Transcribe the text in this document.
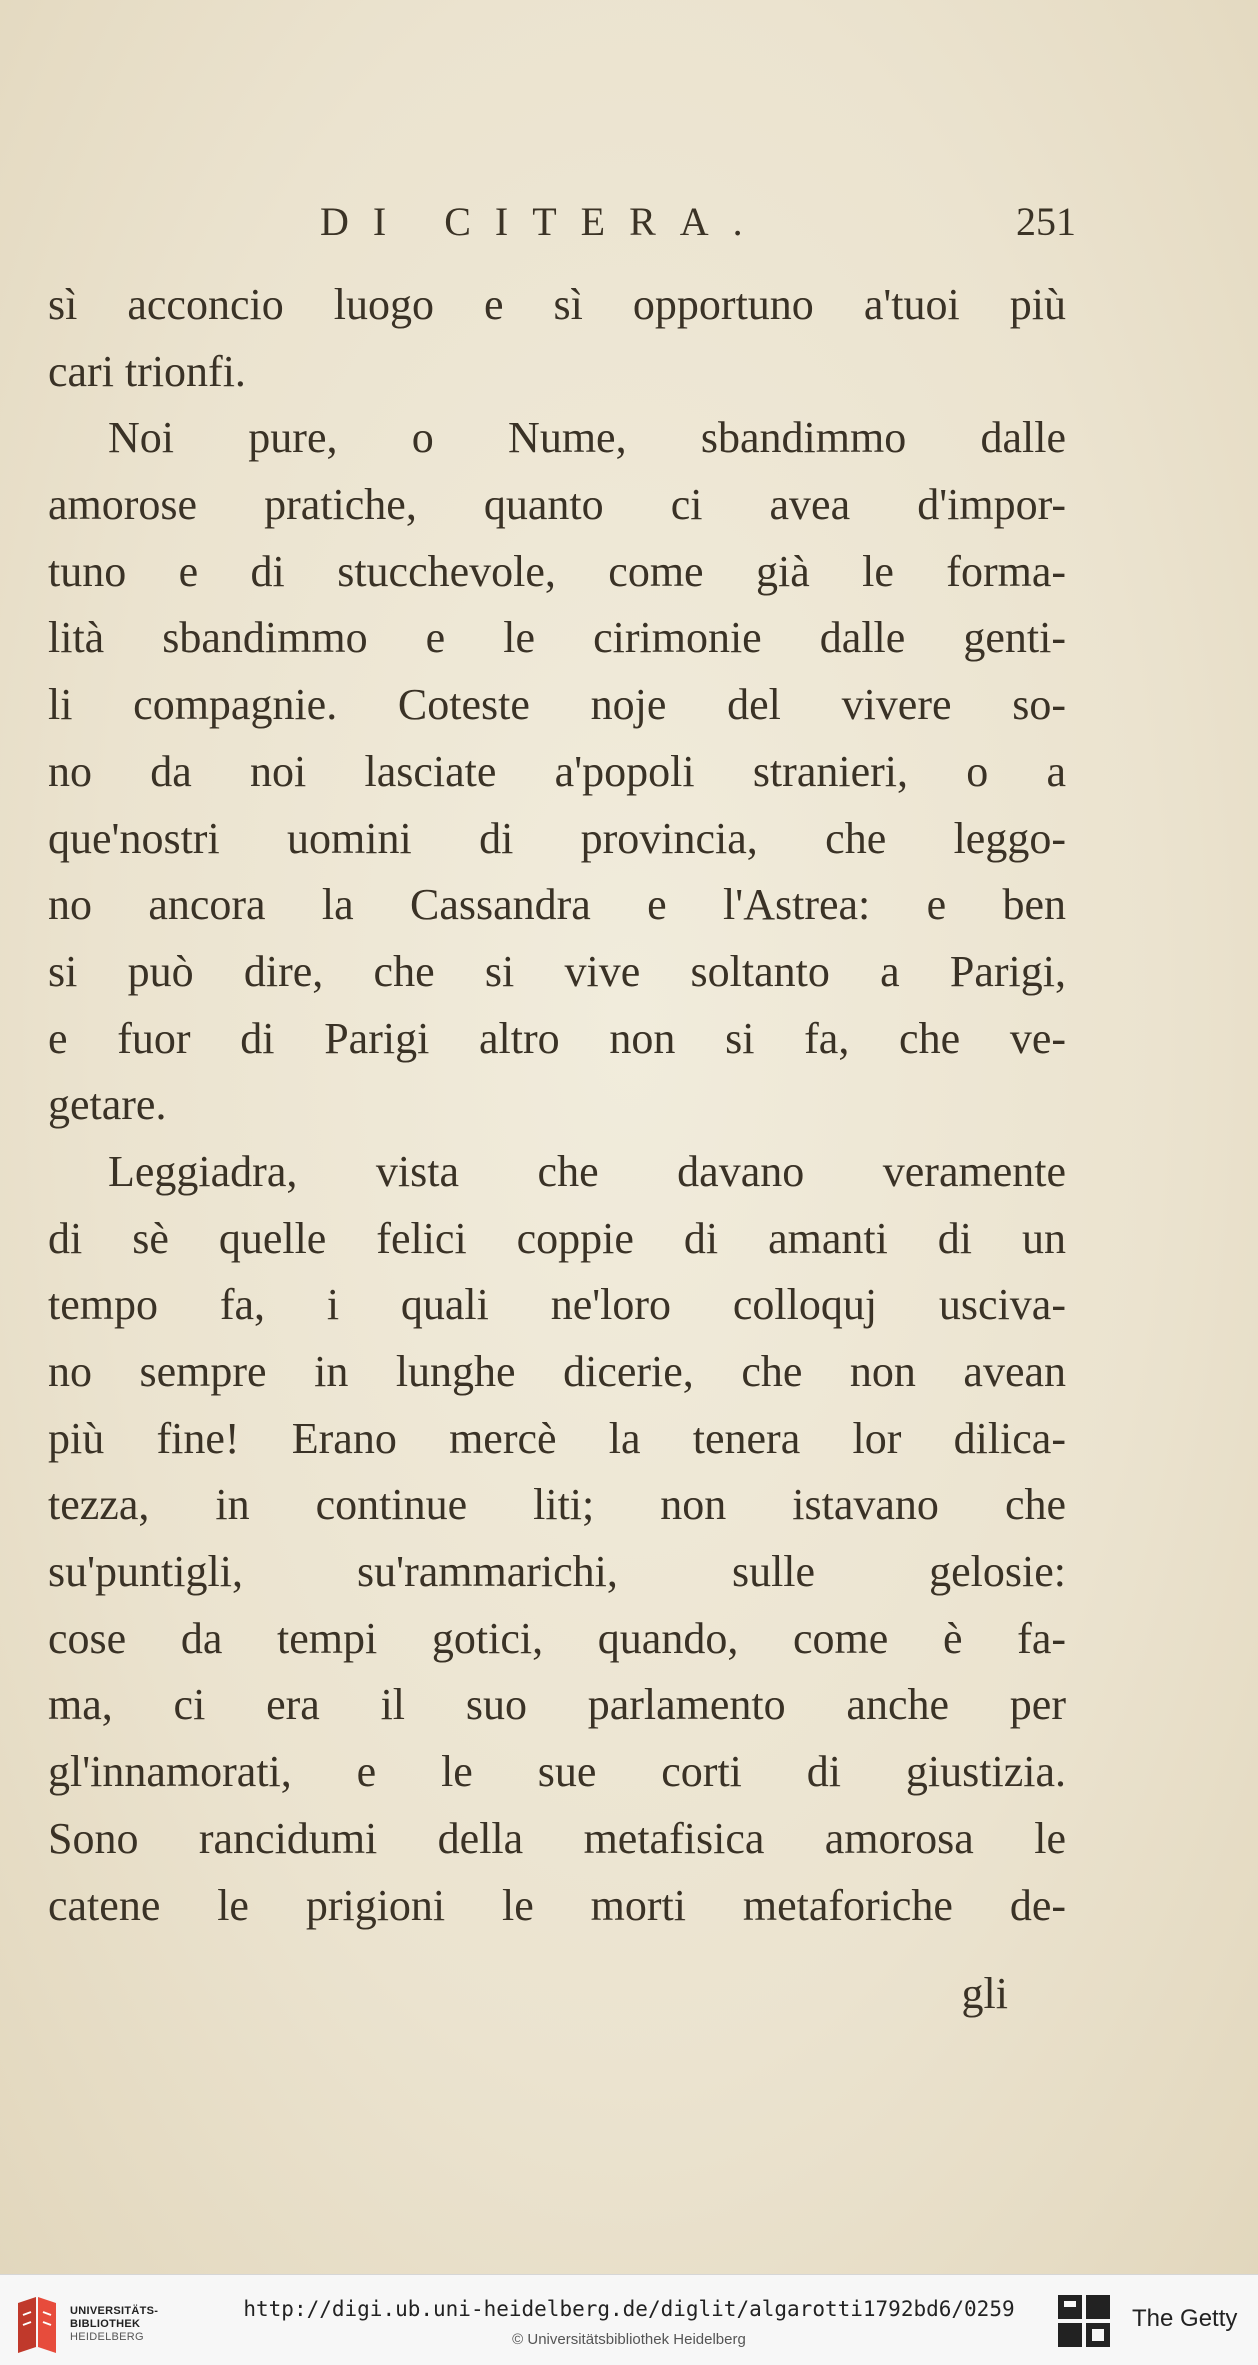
DI CITERA.	251
sì acconcio luogo e sì opportuno a'tuoi più
cari trionfi.
Noi pure, o Nume, sbandimmo dalle
amorose pratiche, quanto ci avea d'impor-
tuno e di stucchevole, come già le forma-
lità sbandimmo e le cirimonie dalle genti-
li compagnie. Coteste noje del vivere so-
no da noi lasciate a'popoli stranieri, o a
que'nostri uomini di provincia, che leggo-
no ancora la Cassandra e l'Astrea: e ben
si può dire, che si vive soltanto a Parigi,
e fuor di Parigi altro non si fa, che ve-
getare.
Leggiadra, vista che davano veramente
di sè quelle felici coppie di amanti di un
tempo fa, i quali ne'loro colloquj usciva-
no sempre in lunghe dicerie, che non avean
più fine! Erano mercè la tenera lor dilica-
tezza, in continue liti; non istavano che
su'puntigli, su'rammarichi, sulle gelosie:
cose da tempi gotici, quando, come è fa-
ma, ci era il suo parlamento anche per
gl'innamorati, e le sue corti di giustizia.
Sono rancidumi della metafisica amorosa le
catene le prigioni le morti metaforiche de-
gli
UNIVERSITÄTS-
BIBLIOTHEK
HEIDELBERG
http://digi.ub.uni-heidelberg.de/diglit/algarotti1792bd6/0259
© Universitätsbibliothek Heidelberg
The Getty
